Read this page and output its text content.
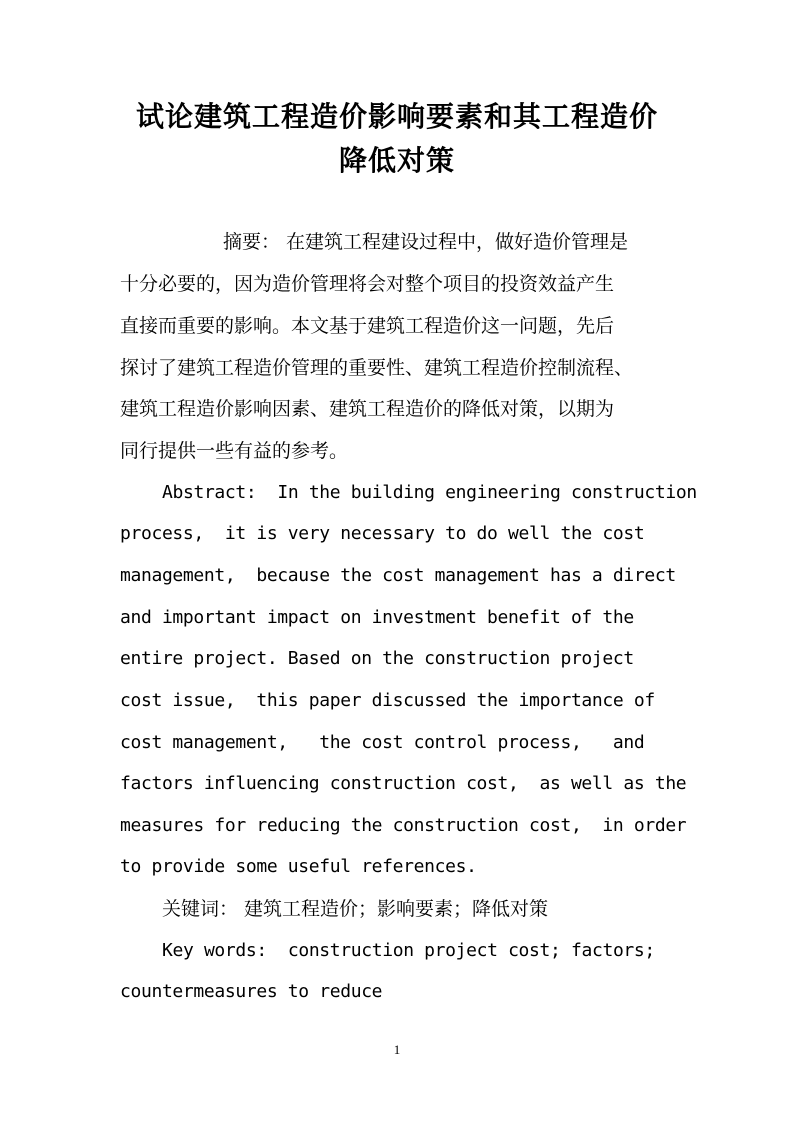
试论建筑工程造价影响要素和其工程造价
降低对策
摘要： 在建筑工程建设过程中，做好造价管理是
十分必要的，因为造价管理将会对整个项目的投资效益产生
直接而重要的影响。本文基于建筑工程造价这一问题，先后
探讨了建筑工程造价管理的重要性、建筑工程造价控制流程、
建筑工程造价影响因素、建筑工程造价的降低对策，以期为
同行提供一些有益的参考。
Abstract:  In the building engineering construction
process,  it is very necessary to do well the cost
management,  because the cost management has a direct
and important impact on investment benefit of the
entire project. Based on the construction project
cost issue,  this paper discussed the importance of
cost management,   the cost control process,   and
factors influencing construction cost,  as well as the
measures for reducing the construction cost,  in order
to provide some useful references.
关键词： 建筑工程造价；影响要素；降低对策
Key words:  construction project cost; factors;
countermeasures to reduce
1
